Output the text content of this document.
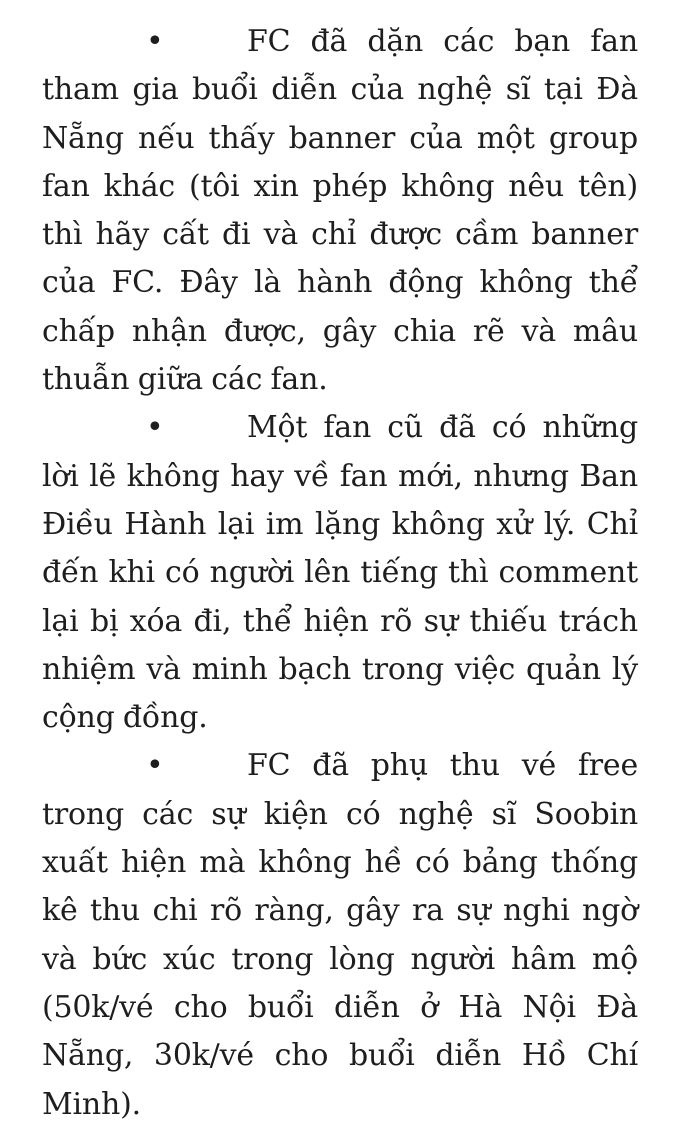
•	FC đã dặn các bạn fan tham gia buổi diễn của nghệ sĩ tại Đà Nẵng nếu thấy banner của một group fan khác (tôi xin phép không nêu tên) thì hãy cất đi và chỉ được cầm banner của FC. Đây là hành động không thể chấp nhận được, gây chia rẽ và mâu thuẫn giữa các fan.

•	Một fan cũ đã có những lời lẽ không hay về fan mới, nhưng Ban Điều Hành lại im lặng không xử lý. Chỉ đến khi có người lên tiếng thì comment lại bị xóa đi, thể hiện rõ sự thiếu trách nhiệm và minh bạch trong việc quản lý cộng đồng.

•	FC đã phụ thu vé free trong các sự kiện có nghệ sĩ Soobin xuất hiện mà không hề có bảng thống kê thu chi rõ ràng, gây ra sự nghi ngờ và bức xúc trong lòng người hâm mộ (50k/vé cho buổi diễn ở Hà Nội Đà Nẵng, 30k/vé cho buổi diễn Hồ Chí Minh).
